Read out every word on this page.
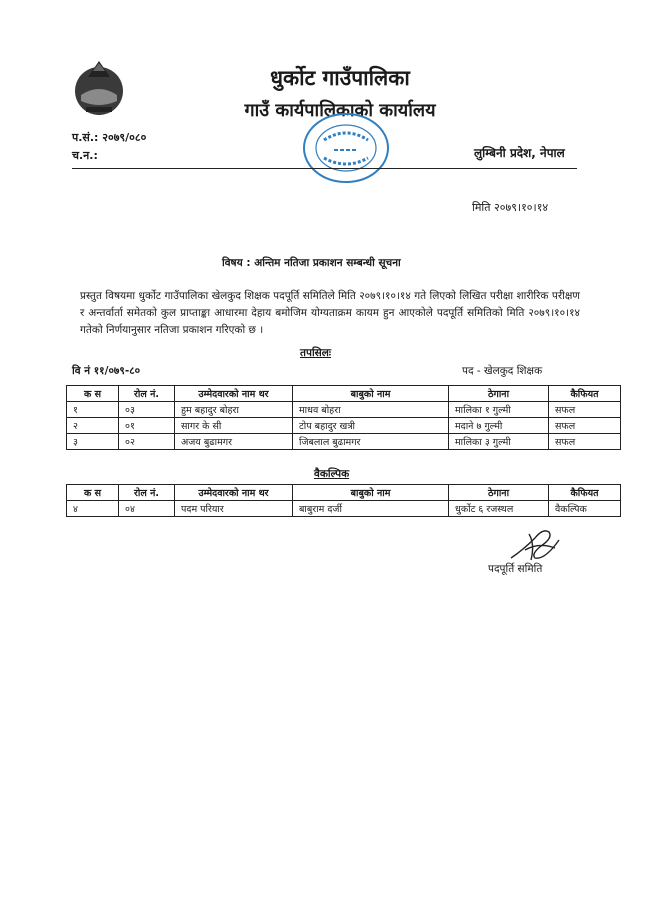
धुर्कोट गाउँपालिका
गाउँ कार्यपालिकाको कार्यालय
प.सं.: २०७९/०८०
च.न.:	लुम्बिनी प्रदेश, नेपाल
मिति २०७९।१०।१४
विषय : अन्तिम नतिजा प्रकाशन सम्बन्धी सूचना
प्रस्तुत विषयमा धुर्कोट गाउँपालिका खेलकुद शिक्षक पदपूर्ति समितिले मिति २०७९।१०।१४ गते लिएको लिखित परीक्षा शारीरिक परीक्षण र अन्तर्वार्ता समेतको कुल प्राप्ताङ्का आधारमा देहाय बमोजिम योग्यताक्रम कायम हुन आएकोले पदपूर्ति समितिको मिति २०७९।१०।१४ गतेको निर्णयानुसार नतिजा प्रकाशन गरिएको छ ।
तपसिलः
वि नं ११/०७९-८०	पद - खेलकुद शिक्षक
क स	रोल नं.	उम्मेदवारको नाम थर	बाबुको नाम	ठेगाना	कैफियत
१	०३	हुम बहादुर बोहरा	माधव बोहरा	मालिका १ गुल्मी	सफल
२	०१	सागर के सी	टोप बहादुर खत्री	मदाने ७ गुल्मी	सफल
३	०२	अजय बुढामगर	जिबलाल बुढामगर	मालिका ३ गुल्मी	सफल
वैकल्पिक
क स	रोल नं.	उम्मेदवारको नाम थर	बाबुको नाम	ठेगाना	कैफियत
४	०४	पदम परियार	बाबुराम दर्जी	धुर्कोट ६ रजस्थल	वैकल्पिक
पदपूर्ति समिति
